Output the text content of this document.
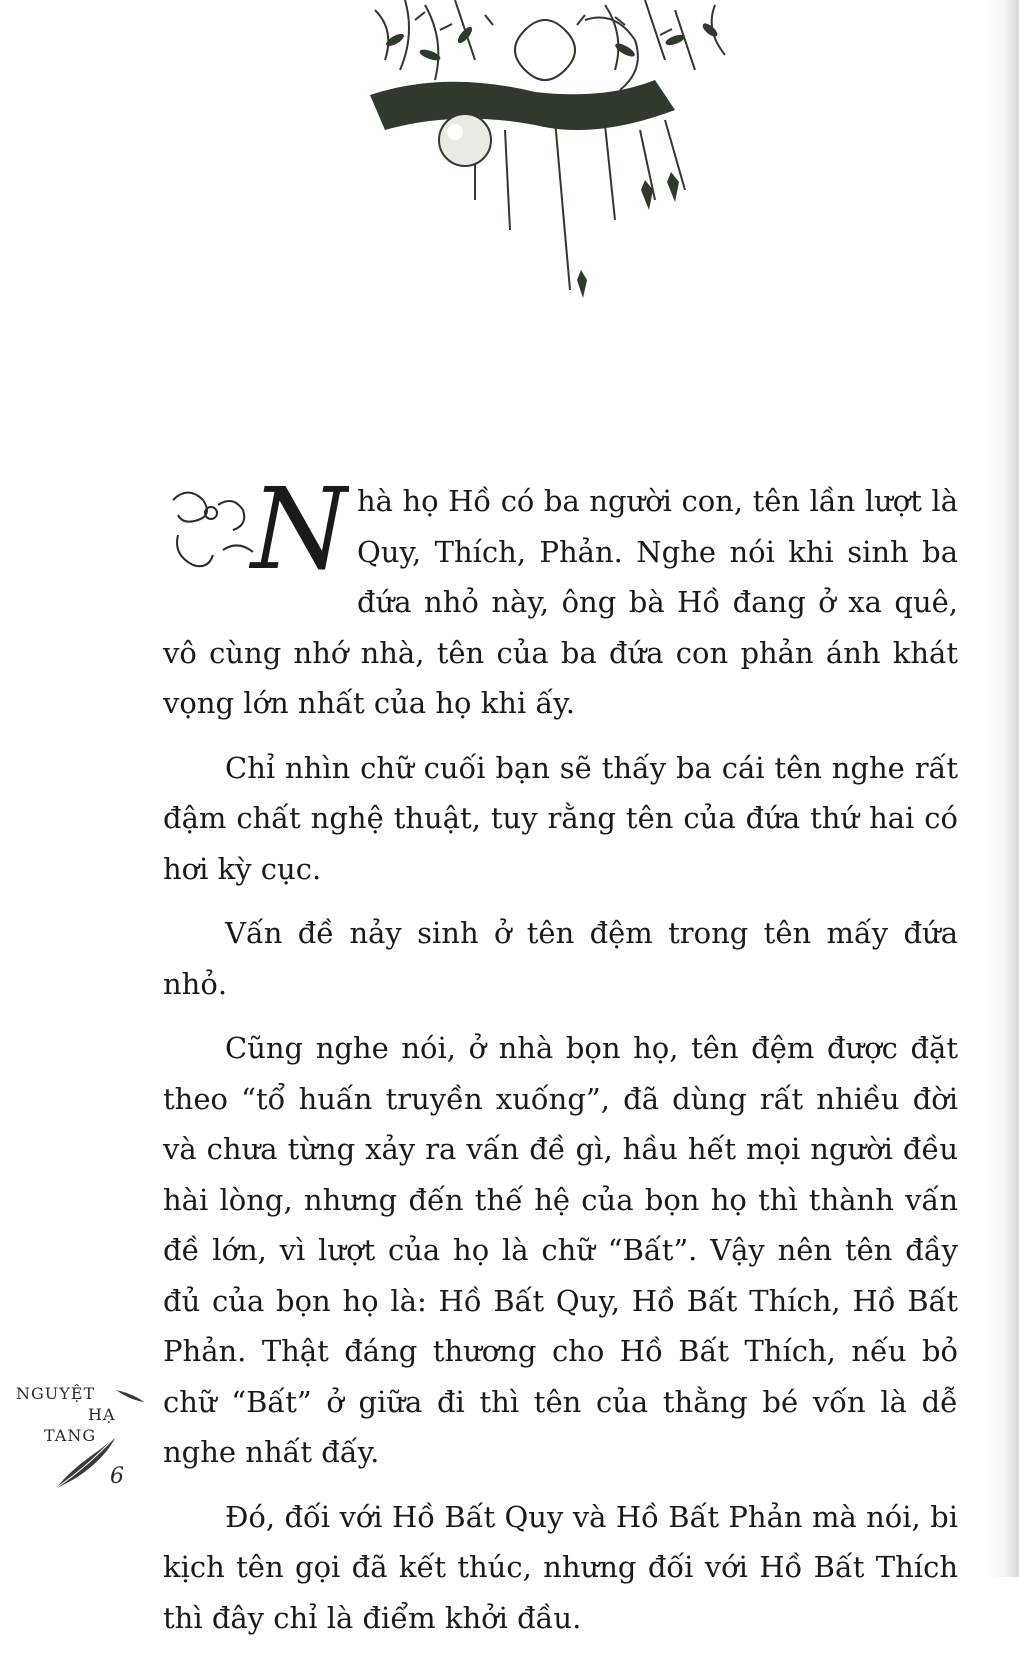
N hà họ Hồ có ba người con, tên lần lượt là Quy, Thích, Phản. Nghe nói khi sinh ba đứa nhỏ này, ông bà Hồ đang ở xa quê, vô cùng nhớ nhà, tên của ba đứa con phản ánh khát vọng lớn nhất của họ khi ấy.

Chỉ nhìn chữ cuối bạn sẽ thấy ba cái tên nghe rất đậm chất nghệ thuật, tuy rằng tên của đứa thứ hai có hơi kỳ cục.

Vấn đề nảy sinh ở tên đệm trong tên mấy đứa nhỏ.

Cũng nghe nói, ở nhà bọn họ, tên đệm được đặt theo “tổ huấn truyền xuống”, đã dùng rất nhiều đời và chưa từng xảy ra vấn đề gì, hầu hết mọi người đều hài lòng, nhưng đến thế hệ của bọn họ thì thành vấn đề lớn, vì lượt của họ là chữ “Bất”. Vậy nên tên đầy đủ của bọn họ là: Hồ Bất Quy, Hồ Bất Thích, Hồ Bất Phản. Thật đáng thương cho Hồ Bất Thích, nếu bỏ chữ “Bất” ở giữa đi thì tên của thằng bé vốn là dễ nghe nhất đấy.

Đó, đối với Hồ Bất Quy và Hồ Bất Phản mà nói, bi kịch tên gọi đã kết thúc, nhưng đối với Hồ Bất Thích thì đây chỉ là điểm khởi đầu.

NGUYỆT
HẠ
TANG
6
